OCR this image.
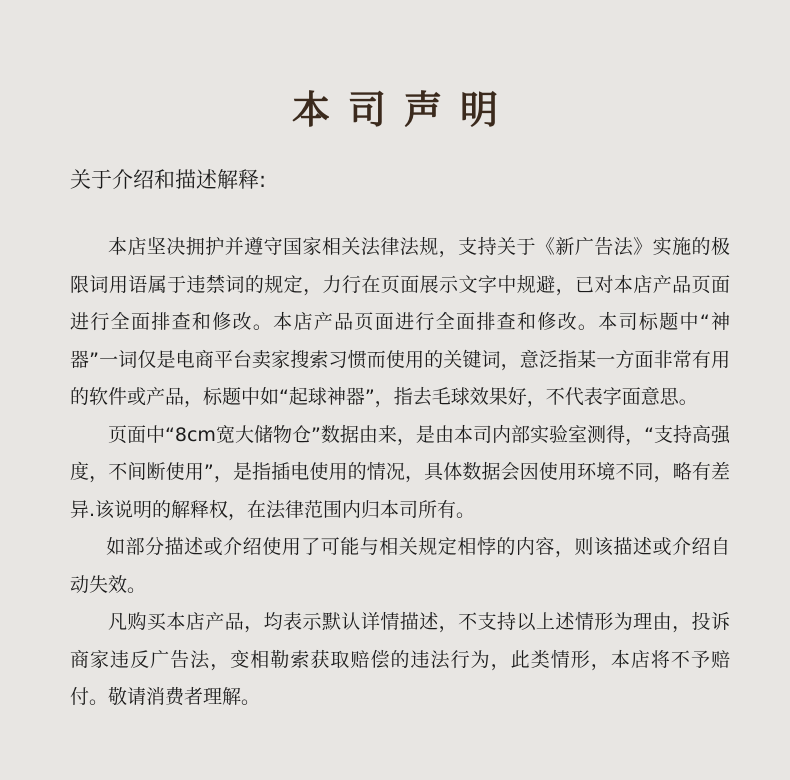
本司声明
关于介绍和描述解释:

本店坚决拥护并遵守国家相关法律法规，支持关于《新广告法》实施的极限词用语属于违禁词的规定，力行在页面展示文字中规避，已对本店产品页面进行全面排查和修改。本店产品页面进行全面排查和修改。本司标题中“神器”一词仅是电商平台卖家搜索习惯而使用的关键词，意泛指某一方面非常有用的软件或产品，标题中如“起球神器”，指去毛球效果好，不代表字面意思。

页面中“8cm宽大储物仓”数据由来，是由本司内部实验室测得，“支持高强度，不间断使用”，是指插电使用的情况，具体数据会因使用环境不同，略有差异.该说明的解释权，在法律范围内归本司所有。

如部分描述或介绍使用了可能与相关规定相悖的内容，则该描述或介绍自动失效。

凡购买本店产品，均表示默认详情描述，不支持以上述情形为理由，投诉商家违反广告法，变相勒索获取赔偿的违法行为，此类情形，本店将不予赔付。敬请消费者理解。
